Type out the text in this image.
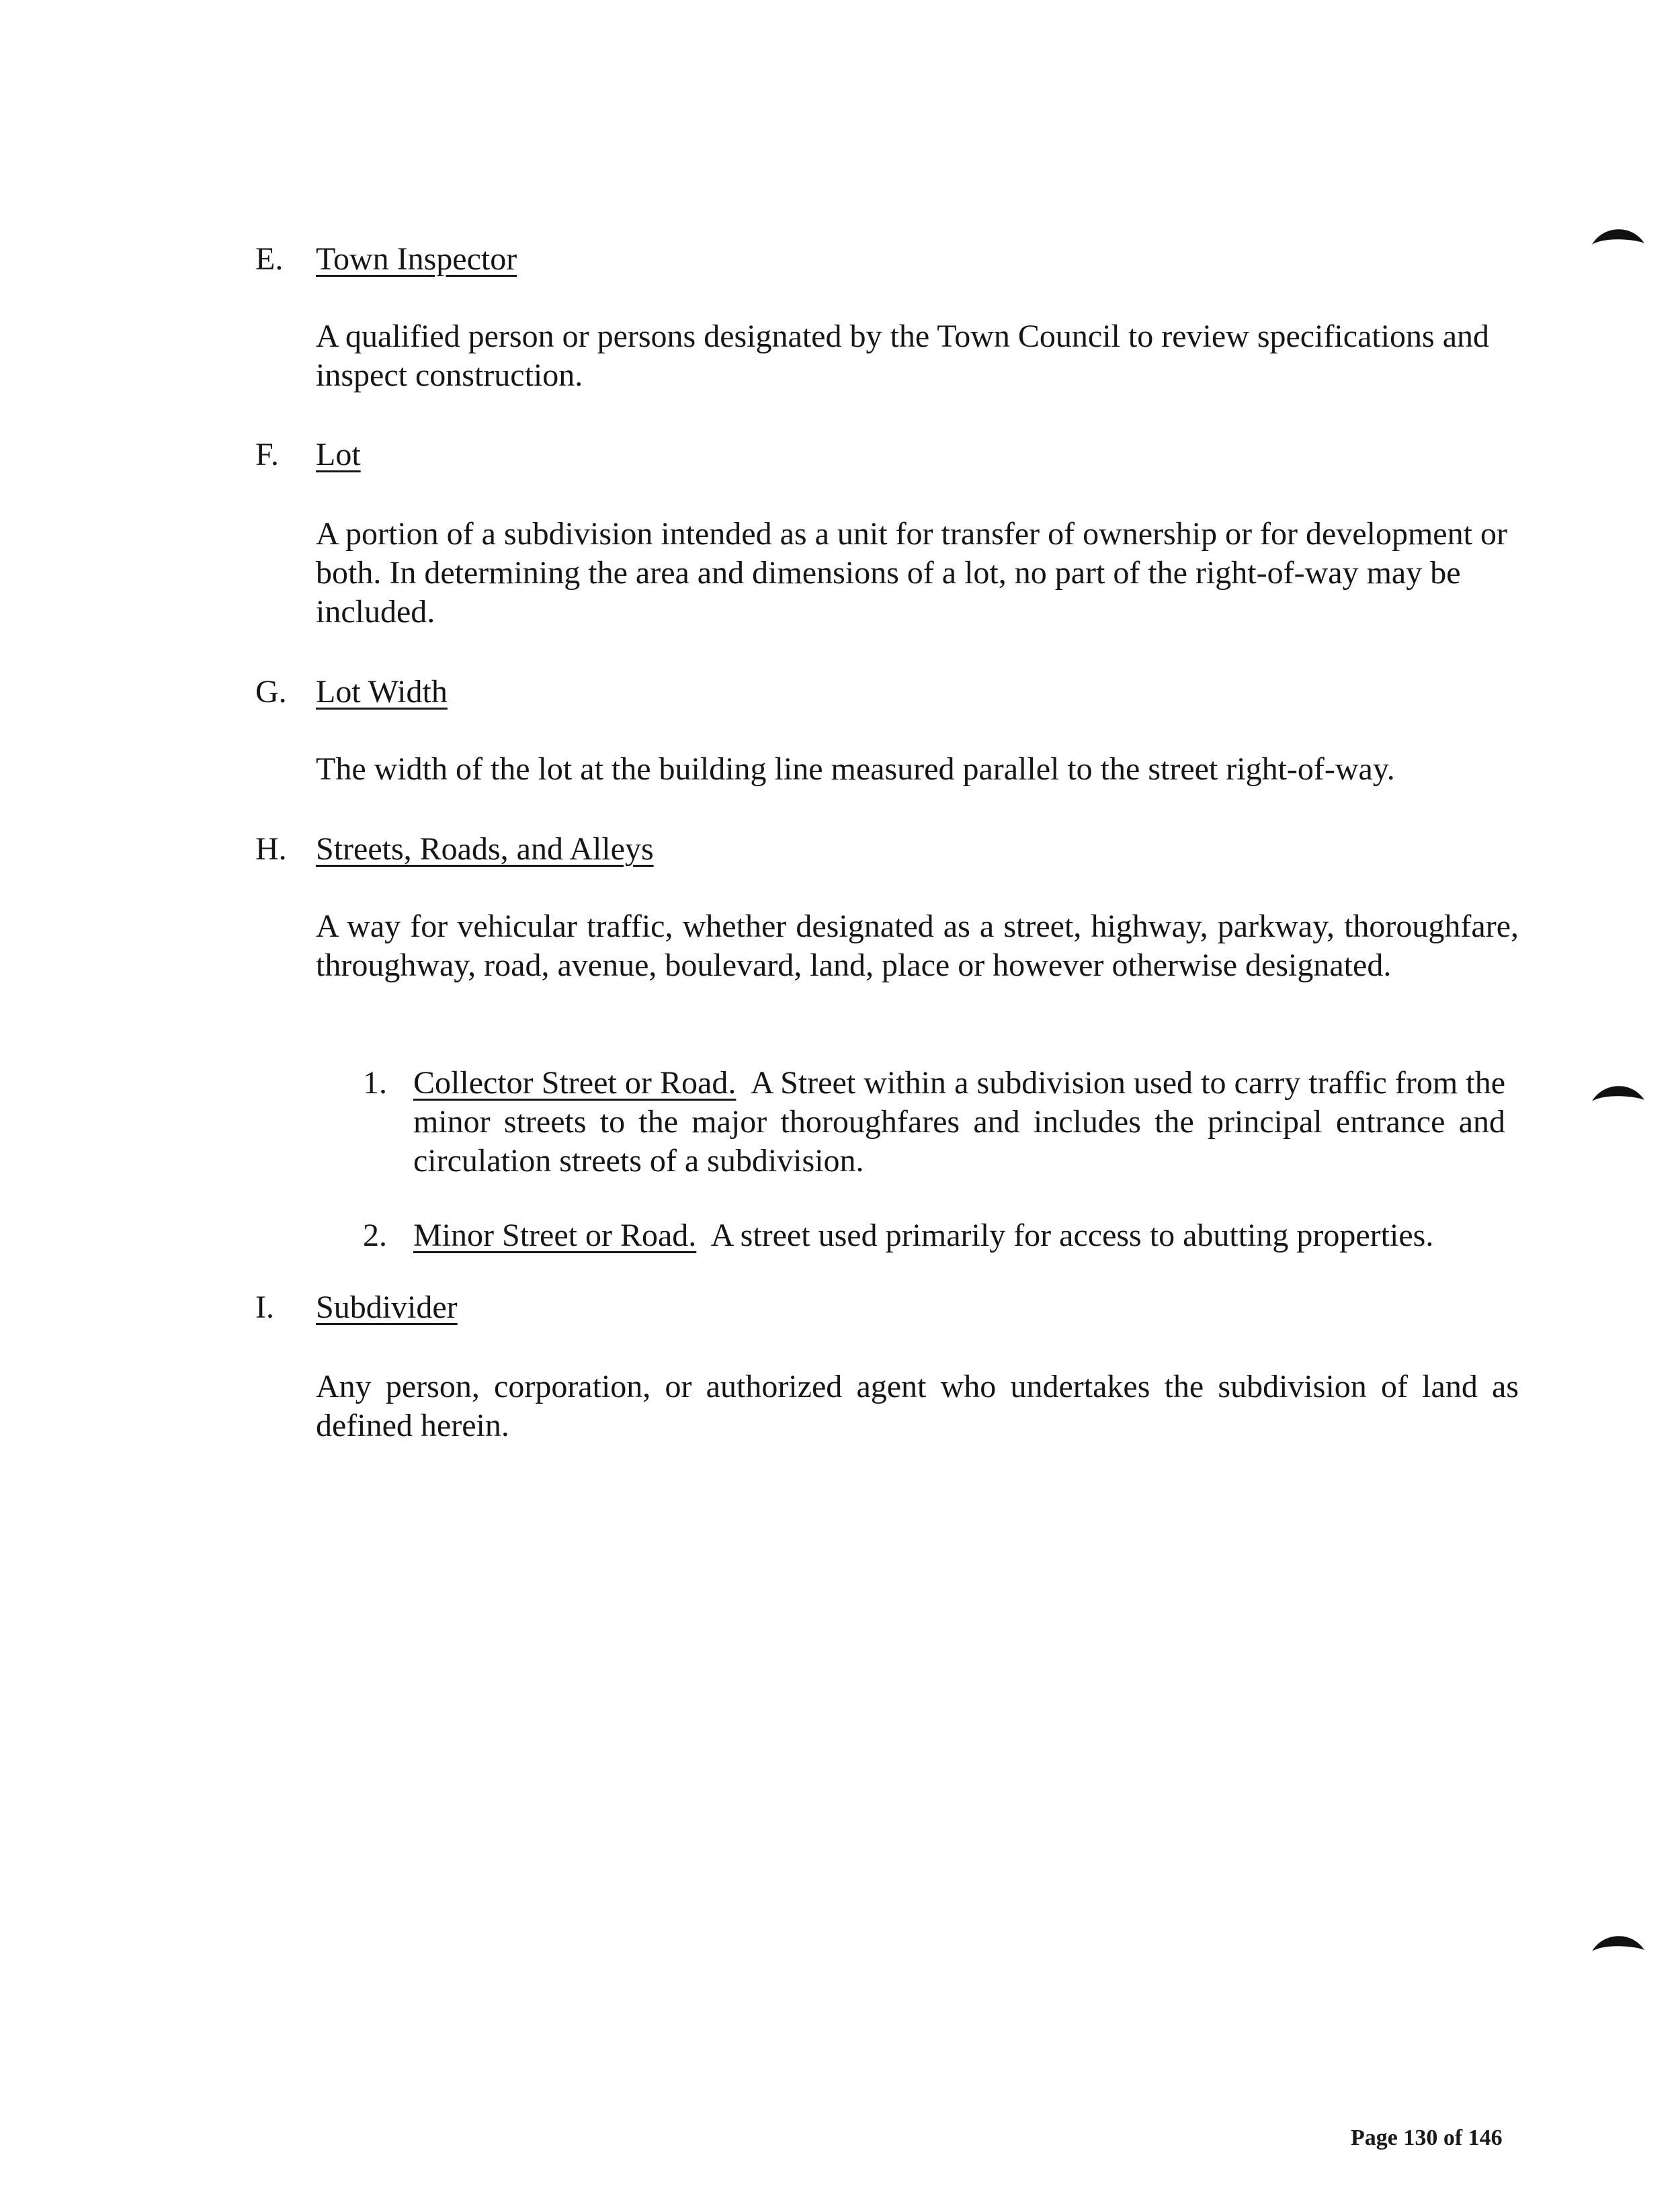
E. Town Inspector
A qualified person or persons designated by the Town Council to review specifications and inspect construction.
F. Lot
A portion of a subdivision intended as a unit for transfer of ownership or for development or both. In determining the area and dimensions of a lot, no part of the right-of-way may be included.
G. Lot Width
The width of the lot at the building line measured parallel to the street right-of-way.
H. Streets, Roads, and Alleys
A way for vehicular traffic, whether designated as a street, highway, parkway, thoroughfare, throughway, road, avenue, boulevard, land, place or however otherwise designated.
1. Collector Street or Road. A Street within a subdivision used to carry traffic from the minor streets to the major thoroughfares and includes the principal entrance and circulation streets of a subdivision.
2. Minor Street or Road. A street used primarily for access to abutting properties.
I. Subdivider
Any person, corporation, or authorized agent who undertakes the subdivision of land as defined herein.
Page 130 of 146
